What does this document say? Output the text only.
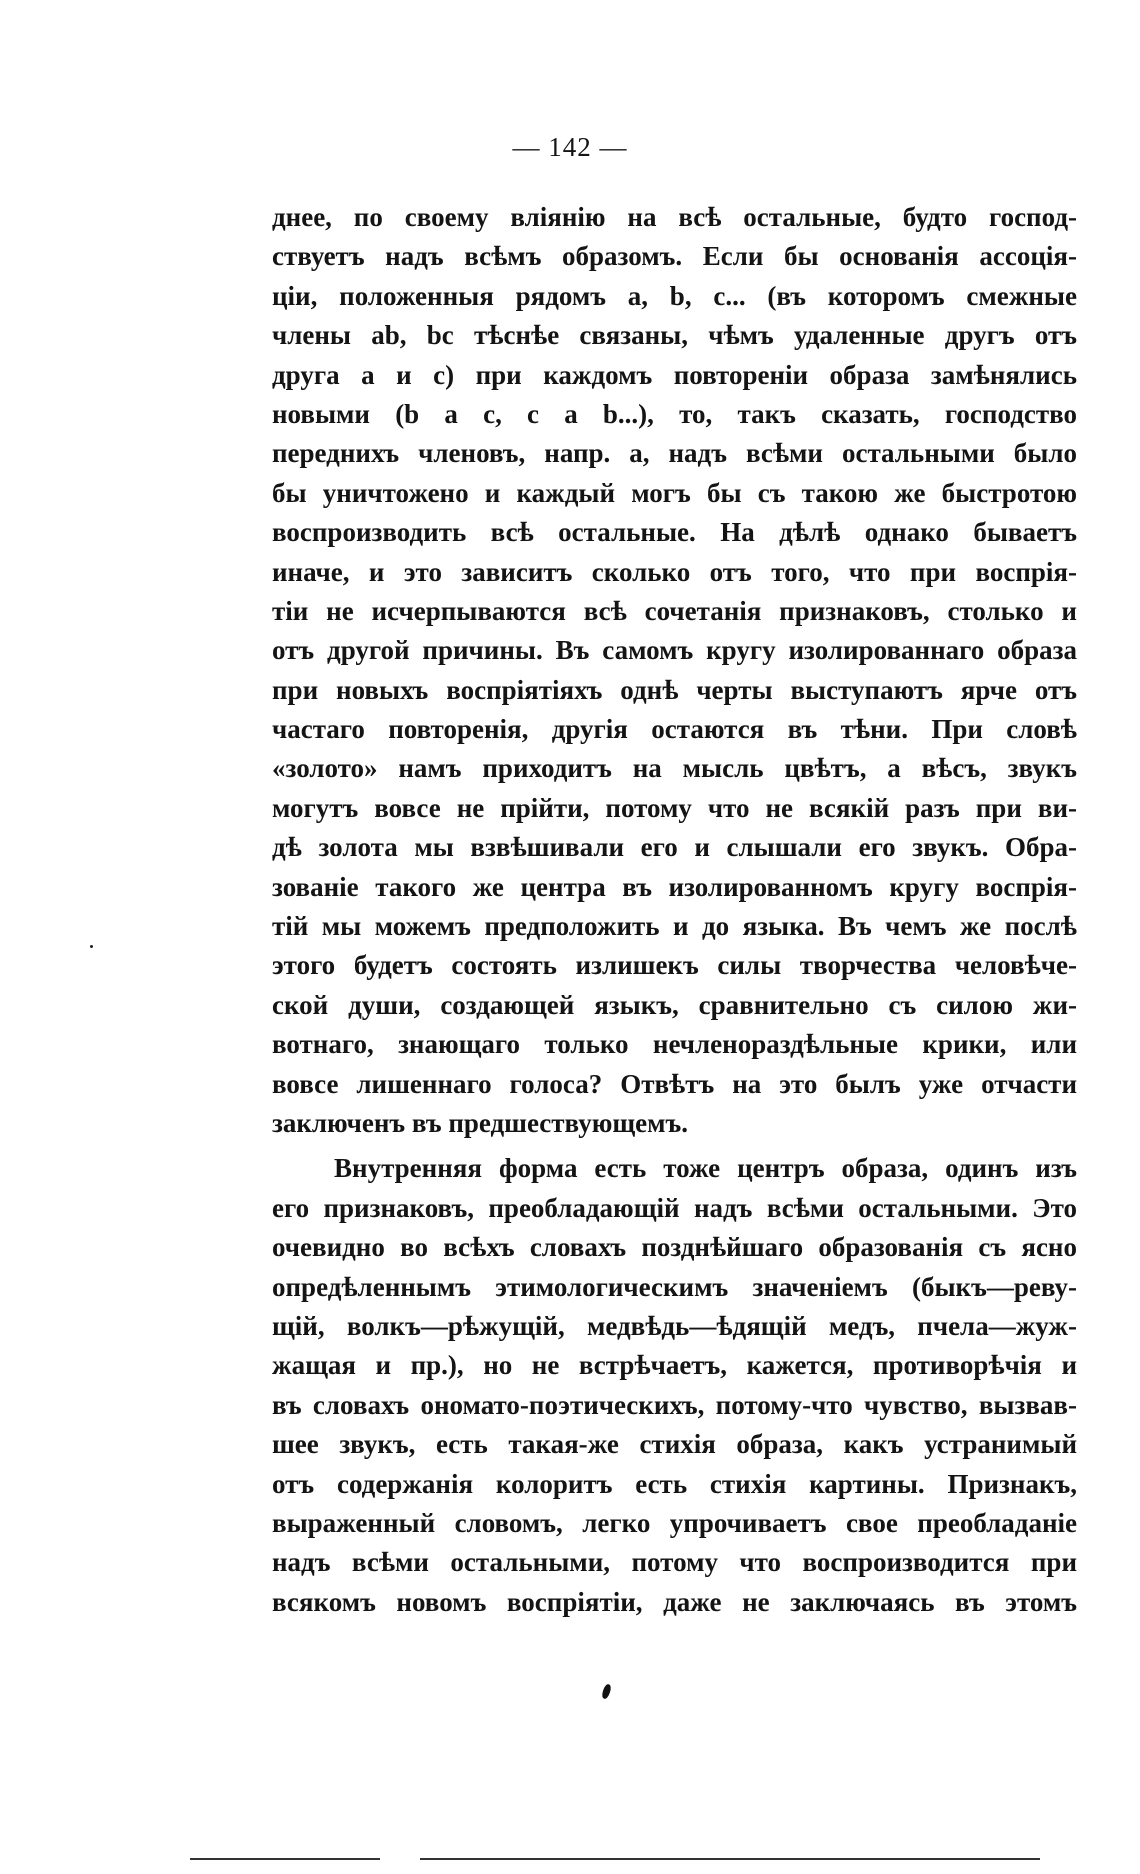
— 142 —
днее, по своему вліянію на всѣ остальные, будто господ-
ствуетъ надъ всѣмъ образомъ. Если бы основанія ассоція-
ціи, положенныя рядомъ a, b, c... (въ которомъ смежные
члены ab, bc тѣснѣе связаны, чѣмъ удаленные другъ отъ
друга a и c) при каждомъ повтореніи образа замѣнялись
новыми (b a c, c a b...), то, такъ сказать, господство
переднихъ членовъ, напр. a, надъ всѣми остальными было
бы уничтожено и каждый могъ бы съ такою же быстротою
воспроизводить всѣ остальные. На дѣлѣ однако бываетъ
иначе, и это зависитъ сколько отъ того, что при воспрія-
тіи не исчерпываются всѣ сочетанія признаковъ, столько и
отъ другой причины. Въ самомъ кругу изолированнаго образа
при новыхъ воспріятіяхъ однѣ черты выступаютъ ярче отъ
частаго повторенія, другія остаются въ тѣни. При словѣ
«золото» намъ приходитъ на мысль цвѣтъ, а вѣсъ, звукъ
могутъ вовсе не прійти, потому что не всякій разъ при ви-
дѣ золота мы взвѣшивали его и слышали его звукъ. Обра-
зованіе такого же центра въ изолированномъ кругу воспрія-
тій мы можемъ предположить и до языка. Въ чемъ же послѣ
этого будетъ состоять излишекъ силы творчества человѣче-
ской души, создающей языкъ, сравнительно съ силою жи-
вотнаго, знающаго только нечленораздѣльные крики, или
вовсе лишеннаго голоса? Отвѣтъ на это былъ уже отчасти
заключенъ въ предшествующемъ.
Внутренняя форма есть тоже центръ образа, одинъ изъ
его признаковъ, преобладающій надъ всѣми остальными. Это
очевидно во всѣхъ словахъ позднѣйшаго образованія съ ясно
опредѣленнымъ этимологическимъ значеніемъ (быкъ—реву-
щій, волкъ—рѣжущій, медвѣдь—ѣдящій медъ, пчела—жуж-
жащая и пр.), но не встрѣчаетъ, кажется, противорѣчія и
въ словахъ ономато-поэтическихъ, потому-что чувство, вызвав-
шее звукъ, есть такая-же стихія образа, какъ устранимый
отъ содержанія колоритъ есть стихія картины. Признакъ,
выраженный словомъ, легко упрочиваетъ свое преобладаніе
надъ всѣми остальными, потому что воспроизводится при
всякомъ новомъ воспріятіи, даже не заключаясь въ этомъ
